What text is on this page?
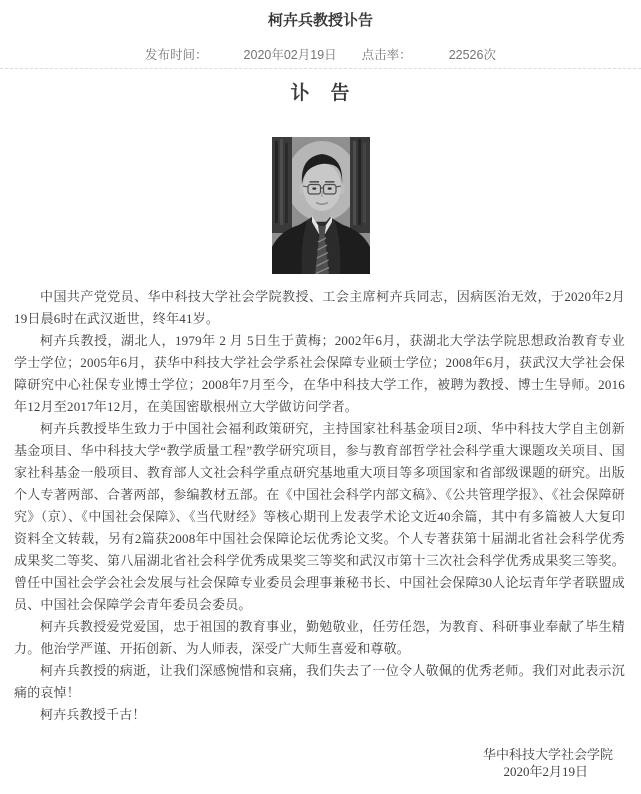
柯卉兵教授讣告
发布时间：	2020年02月19日 点击率：	22526次
讣　告

中国共产党党员、华中科技大学社会学院教授、工会主席柯卉兵同志，因病医治无效，于2020年2月19日晨6时在武汉逝世，终年41岁。

柯卉兵教授，湖北人，1979年 2 月 5日生于黄梅；2002年6月，获湖北大学法学院思想政治教育专业学士学位；2005年6月，获华中科技大学社会学系社会保障专业硕士学位；2008年6月，获武汉大学社会保障研究中心社保专业博士学位；2008年7月至今，在华中科技大学工作，被聘为教授、博士生导师。2016年12月至2017年12月，在美国密歇根州立大学做访问学者。

柯卉兵教授毕生致力于中国社会福利政策研究，主持国家社科基金项目2项、华中科技大学自主创新基金项目、华中科技大学“教学质量工程”教学研究项目，参与教育部哲学社会科学重大课题攻关项目、国家社科基金一般项目、教育部人文社会科学重点研究基地重大项目等多项国家和省部级课题的研究。出版个人专著两部、合著两部，参编教材五部。在《中国社会科学内部文稿》、《公共管理学报》、《社会保障研究》（京）、《中国社会保障》、《当代财经》等核心期刊上发表学术论文近40余篇，其中有多篇被人大复印资料全文转载，另有2篇获2008年中国社会保障论坛优秀论文奖。个人专著获第十届湖北省社会科学优秀成果奖二等奖、第八届湖北省社会科学优秀成果奖三等奖和武汉市第十三次社会科学优秀成果奖三等奖。曾任中国社会学会社会发展与社会保障专业委员会理事兼秘书长、中国社会保障30人论坛青年学者联盟成员、中国社会保障学会青年委员会委员。

柯卉兵教授爱党爱国，忠于祖国的教育事业，勤勉敬业，任劳任怨，为教育、科研事业奉献了毕生精力。他治学严谨、开拓创新、为人师表，深受广大师生喜爱和尊敬。

柯卉兵教授的病逝，让我们深感惋惜和哀痛，我们失去了一位令人敬佩的优秀老师。我们对此表示沉痛的哀悼！

柯卉兵教授千古！

华中科技大学社会学院
2020年2月19日
